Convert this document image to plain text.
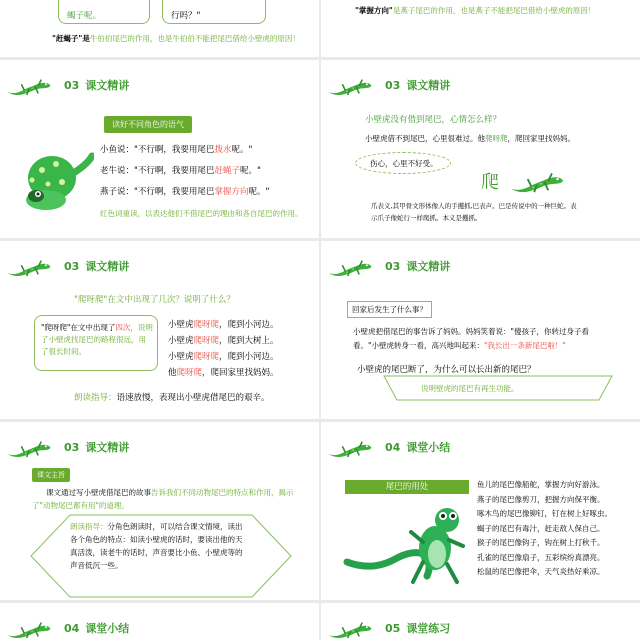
蝎子呢。	行吗？"
"赶蝎子"是牛伯伯尾巴的作用，也是牛伯伯不能把尾巴借给小壁虎的原因！
"掌握方向"是燕子尾巴的作用，也是燕子不能把尾巴借给小壁虎的原因！
03 课文精讲
读好不同角色的语气
小鱼说："不行啊，我要用尾巴拨水呢。"
老牛说："不行啊，我要用尾巴赶蝇子呢。"
燕子说："不行啊，我要用尾巴掌握方向呢。"
红色词重读，以表达他们不借尾巴的理由和各自尾巴的作用。
03 课文精讲
小壁虎没有借到尾巴，心情怎么样？
小壁虎借不到尾巴，心里很难过。他爬呀爬，爬回家里找妈妈。
伤心，心里不好受。
爬
爪表义,其甲骨文形体像人的手攫抓,巴表声。巴是传说中的一种巨蛇。表示爪子像蛇行一样爬抓。本义是攫抓。
03 课文精讲
"爬呀爬"在文中出现了几次？说明了什么？
"爬呀爬"在文中出现了四次，说明了小壁虎找尾巴的路程很远，用了很长时间。
小壁虎爬呀爬，爬到小河边。
小壁虎爬呀爬，爬到大树上。
小壁虎爬呀爬，爬到小河边。
他爬呀爬，爬回家里找妈妈。
朗读指导：语速放慢，表现出小壁虎借尾巴的艰辛。
03 课文精讲
回家后发生了什么事？
小壁虎把借尾巴的事告诉了妈妈。妈妈笑着说："傻孩子，你转过身子看看。"小壁虎转身一看，高兴地叫起来："我长出一条新尾巴啦！"
小壁虎的尾巴断了，为什么可以长出新的尾巴？
说明壁虎的尾巴有再生功能。
03 课文精讲
课文主旨
课文通过写小壁虎借尾巴的故事告诉我们不同动物尾巴的特点和作用，揭示了"动物尾巴都有用"的道理。
朗读指导：分角色朗读时，可以结合课文情境，读出各个角色的特点：如读小壁虎的话时，要读出他的天真活泼，读老牛的话时，声音要比小鱼、小壁虎等的声音低沉一些。
04 课堂小结
尾巴的用处	鱼儿的尾巴像船舵，掌握方向好游泳。
燕子的尾巴像剪刀，把握方向保平衡。
啄木鸟的尾巴像铆钉，钉在树上好啄虫。
蝎子的尾巴有毒汁，赶走敌人保自己。
猴子的尾巴像钩子，钩在树上打秋千。
孔雀的尾巴像扇子，五彩缤纷真漂亮。
松鼠的尾巴像把伞，天气炎热好乘凉。
04 课堂小结	05 课堂练习
